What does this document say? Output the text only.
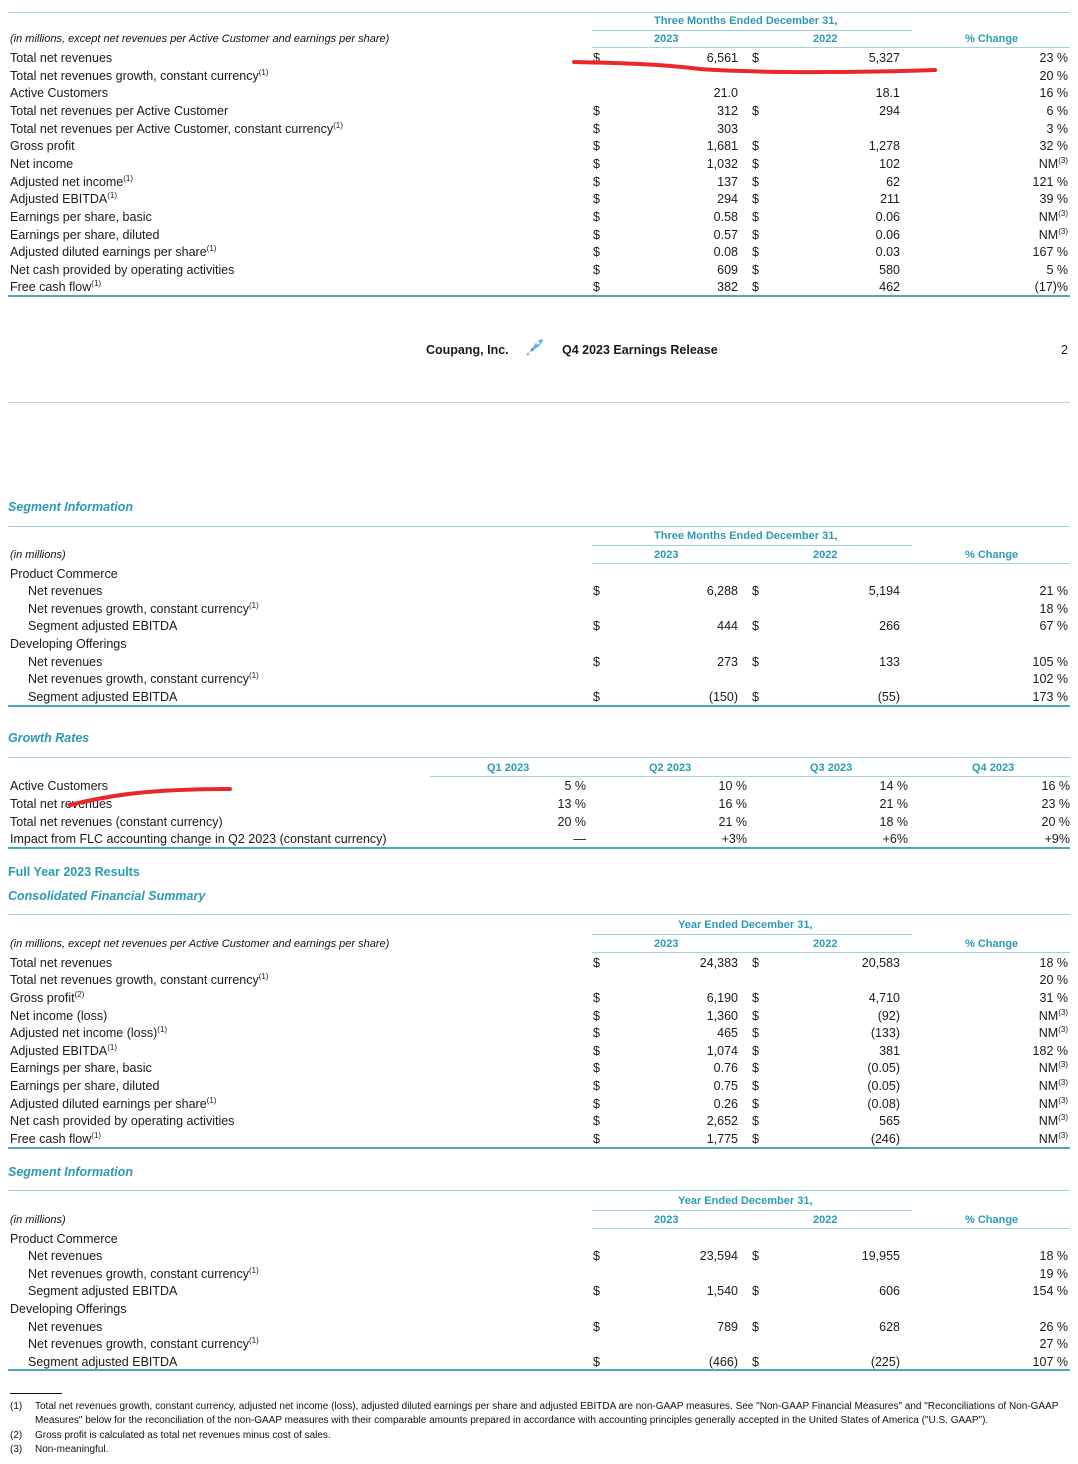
Three Months Ended December 31,
(in millions, except net revenues per Active Customer and earnings per share)	2023	2022	% Change
Total net revenues	$	6,561 $	5,327	23 %
Total net revenues growth, constant currency$^{(1)}$	20 %
Active Customers	21.0	18.1	16 %
Total net revenues per Active Customer	$	312 $	294	6 %
Total net revenues per Active Customer, constant currency$^{(1)}$	$	303	3 %
Gross profit	$	1,681 $	1,278	32 %
Net income	$	1,032 $	102	NM$^{(3)}$
Adjusted net income$^{(1)}$	$	137 $	62	121 %
Adjusted EBITDA$^{(1)}$	$	294 $	211	39 %
Earnings per share, basic	$	0.58 $	0.06	NM$^{(3)}$
Earnings per share, diluted	$	0.57 $	0.06	NM$^{(3)}$
Adjusted diluted earnings per share$^{(1)}$	$	0.08 $	0.03	167 %
Net cash provided by operating activities	$	609 $	580	5 %
Free cash flow$^{(1)}$	$	382 $	462	(17)%
Coupang, Inc.	Q4 2023 Earnings Release	2
Segment Information
Three Months Ended December 31,
(in millions)	2023	2022	% Change
Product Commerce
Net revenues	$	6,288 $	5,194	21 %
Net revenues growth, constant currency$^{(1)}$	18 %
Segment adjusted EBITDA	$	444 $	266	67 %
Developing Offerings
Net revenues	$	273 $	133	105 %
Net revenues growth, constant currency$^{(1)}$	102 %
Segment adjusted EBITDA	$	(150) $	(55)	173 %
Growth Rates
Q1 2023	Q2 2023	Q3 2023	Q4 2023
Active Customers	5 %	10 %	14 %	16 %
Total net revenues	13 %	16 %	21 %	23 %
Total net revenues (constant currency)	20 %	21 %	18 %	20 %
Impact from FLC accounting change in Q2 2023 (constant currency)	—	+3%	+6%	+9%
Full Year 2023 Results
Consolidated Financial Summary
Year Ended December 31,
(in millions, except net revenues per Active Customer and earnings per share)	2023	2022	% Change
Total net revenues	$	24,383 $	20,583	18 %
Total net revenues growth, constant currency$^{(1)}$	20 %
Gross profit$^{(2)}$	$	6,190 $	4,710	31 %
Net income (loss)	$	1,360 $	(92)	NM$^{(3)}$
Adjusted net income (loss)$^{(1)}$	$	465 $	(133)	NM$^{(3)}$
Adjusted EBITDA$^{(1)}$	$	1,074 $	381	182 %
Earnings per share, basic	$	0.76 $	(0.05)	NM$^{(3)}$
Earnings per share, diluted	$	0.75 $	(0.05)	NM$^{(3)}$
Adjusted diluted earnings per share$^{(1)}$	$	0.26 $	(0.08)	NM$^{(3)}$
Net cash provided by operating activities	$	2,652 $	565	NM$^{(3)}$
Free cash flow$^{(1)}$	$	1,775 $	(246)	NM$^{(3)}$
Segment Information
Year Ended December 31,
(in millions)	2023	2022	% Change
Product Commerce
Net revenues	$	23,594 $	19,955	18 %
Net revenues growth, constant currency$^{(1)}$	19 %
Segment adjusted EBITDA	$	1,540 $	606	154 %
Developing Offerings
Net revenues	$	789 $	628	26 %
Net revenues growth, constant currency$^{(1)}$	27 %
Segment adjusted EBITDA	$	(466) $	(225)	107 %
(1) Total net revenues growth, constant currency, adjusted net income (loss), adjusted diluted earnings per share and adjusted EBITDA are non-GAAP measures. See "Non-GAAP Financial Measures" and "Reconciliations of Non-GAAP Measures" below for the reconciliation of the non-GAAP measures with their comparable amounts prepared in accordance with accounting principles generally accepted in the United States of America ("U.S. GAAP").
(2) Gross profit is calculated as total net revenues minus cost of sales.
(3) Non-meaningful.
